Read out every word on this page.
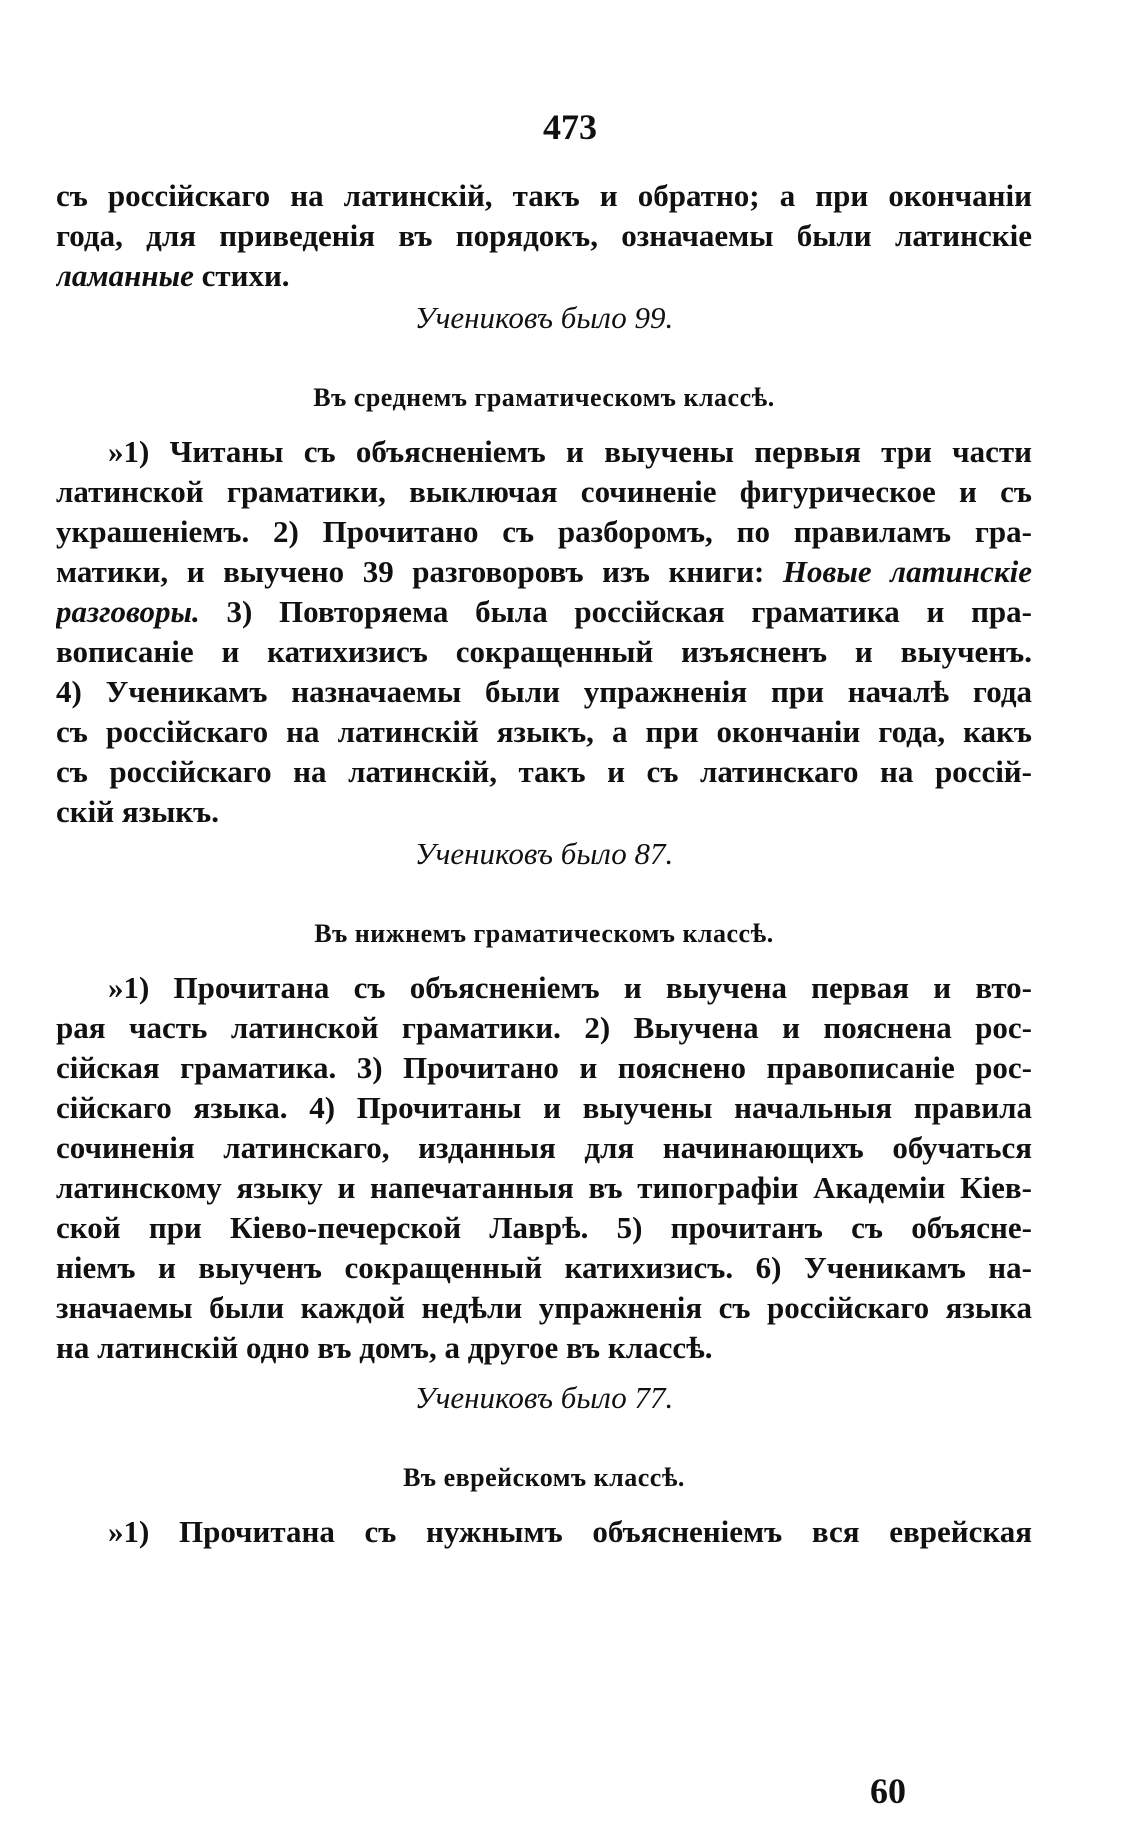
473
съ россійскаго на латинскій, такъ и обратно; а при окончаніи
года, для приведенія въ порядокъ, означаемы были латинскіе
ламанные стихи.
Учениковъ было 99.
Въ среднемъ граматическомъ классѣ.
»1) Читаны съ объясненіемъ и выучены первыя три части
латинской граматики, выключая сочиненіе фигурическое и съ
украшеніемъ. 2) Прочитано съ разборомъ, по правиламъ гра-
матики, и выучено 39 разговоровъ изъ книги: Новые латинскіе
разговоры. 3) Повторяема была россійская граматика и пра-
вописаніе и катихизисъ сокращенный изъясненъ и выученъ.
4) Ученикамъ назначаемы были упражненія при началѣ года
съ россійскаго на латинскій языкъ, а при окончаніи года, какъ
съ россійскаго на латинскій, такъ и съ латинскаго на россій-
скій языкъ.
Учениковъ было 87.
Въ нижнемъ граматическомъ классѣ.
»1) Прочитана съ объясненіемъ и выучена первая и вто-
рая часть латинской граматики. 2) Выучена и пояснена рос-
сійская граматика. 3) Прочитано и пояснено правописаніе рос-
сійскаго языка. 4) Прочитаны и выучены начальныя правила
сочиненія латинскаго, изданныя для начинающихъ обучаться
латинскому языку и напечатанныя въ типографіи Академіи Кіев-
ской при Кіево-печерской Лаврѣ. 5) прочитанъ съ объясне-
ніемъ и выученъ сокращенный катихизисъ. 6) Ученикамъ на-
значаемы были каждой недѣли упражненія съ россійскаго языка
на латинскій одно въ домъ, а другое въ классѣ.
Учениковъ было 77.
Въ еврейскомъ классѣ.
»1) Прочитана съ нужнымъ объясненіемъ вся еврейская
60
